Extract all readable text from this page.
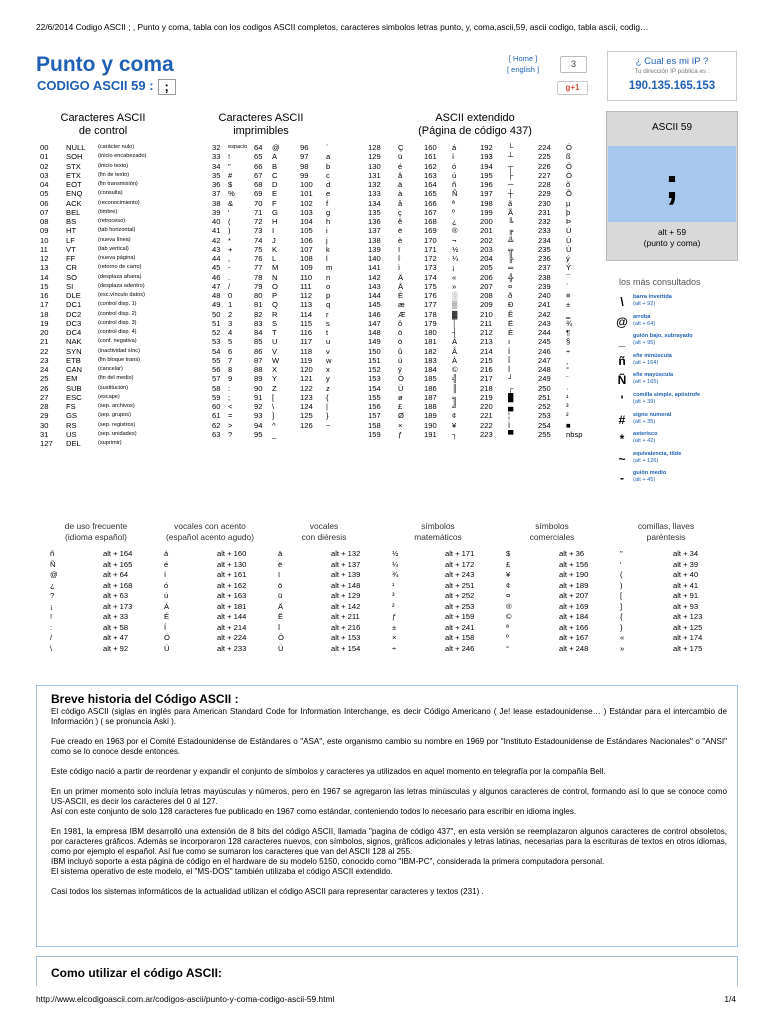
22/6/2014 Codigo ASCII ; , Punto y coma, tabla con los codigos ASCII completos, caracteres simbolos letras punto, y, coma,ascii,59, ascii codigo, tabla ascii, codig…
Punto y coma
CODIGO ASCII 59 : ;
[ Home ]
[ english ]
3
g+1
¿ Cual es mi IP ?
Tu dirección IP pública es :
190.135.165.153
Caracteres ASCII
de control
Caracteres ASCII
imprimibles
ASCII extendido
(Página de código 437)
00 NULL (carácter nulo)
01 SOH	(inicio encabezado)
02 STX	(inicio texto)
03 ETX	(fin de texto)
04 EOT	(fin transmisión)
05 ENQ	(consulta)
06 ACK	(reconocimiento)
07 BEL	(timbre)
08 BS	(retroceso)
09 HT	(tab horizontal)
10 LF	(nueva línea)
11 VT	(tab vertical)
12 FF	(nueva página)
13 CR	(retorno de carro)
14 SO	(desplaza afuera)
15 SI	(desplaza adentro)
16 DLE	(esc.vínculo datos)
17 DC1	(control disp. 1)
18 DC2	(control disp. 2)
19 DC3	(control disp. 3)
20 DC4	(control disp. 4)
21 NAK	(conf. negativa)
22 SYN	(inactividad sínc)
23 ETB	(fin bloque trans)
24 CAN	(cancelar)
25 EM	(fin del medio)
26 SUB	(sustitución)
27 ESC	(escape)
28 FS	(sep. archivos)
29 GS	(sep. grupos)
30 RS	(sep. registros)
31 US	(sep. unidades)
127 DEL	(suprimir)
32 espacio 64 @	96 `
33 !	65 A	97 a
34 "	66 B	98 b
35 #	67 C	99 c
36 $	68 D	100 d
37 %	69 E	101 e
38 &	70 F	102 f
39 '	71 G	103 g
40 (	72 H	104 h
41 )	73 I	105 i
42 *	74 J	106 j
43 +	75 K	107 k
44 ,	76 L	108 l
45 -	77 M	109 m
46 .	78 N	110 n
47 /	79 O	111 o
48 0	80 P	112 p
49 1	81 Q	113 q
50 2	82 R	114 r
51 3	83 S	115 s
52 4	84 T	116 t
53 5	85 U	117 u
54 6	86 V	118 v
55 7	87 W	119 w
56 8	88 X	120 x
57 9	89 Y	121 y
58 :	90 Z	122 z
59 ;	91 [	123 {
60 <	92 \	124 |
61 =	93 ]	125 }
62 >	94 ^	126 ~
63 ?	95 _
128 Ç	160 á	192 └	224 Ó
129 ü	161 í	193 ┴	225 ß
130 é	162 ó	194 ┬	226 Ô
131 â	163 ú	195 ├	227 Ò
132 ä	164 ñ	196 ─	228 õ
133 à	165 Ñ	197 ┼	229 Õ
134 å	166 ª	198 ã	230 µ
135 ç	167 º	199 Ã	231 þ
136 ê	168 ¿	200 ╚	232 Þ
137 ë	169 ®	201 ╔	233 Ú
138 è	170 ¬	202 ╩	234 Û
139 ï	171 ½	203 ╦	235 Ù
140 î	172 ¼	204 ╠	236 ý
141 ì	173 ¡	205 ═	237 Ý
142 Ä	174 «	206 ╬	238 ¯
143 Å	175 »	207 ¤	239 ´
144 É	176 ░	208 ð	240 ≡
145 æ	177 ▒	209 Ð	241 ±
146 Æ 178 ▓	210 Ê	242 ‗
147 ô	179 │	211 Ë	243 ¾
148 ö	180 ┤	212 È	244 ¶
149 ò	181 Á	213 ı	245 §
150 û	182 Â	214 Í	246 ÷
151 ù	183 À	215 Î	247 ¸
152 ÿ	184 ©	216 Ï	248 °
153 Ö	185 ╣	217 ┘	249 ¨
154 Ü	186 ║	218 ┌	250 ·
155 ø	187 ╗	219 █	251 ¹
156 £	188 ╝	220 ▄	252 ³
157 Ø	189 ¢	221 ¦	253 ²
158 ×	190 ¥	222 Ì	254 ■
159 ƒ	191 ┐	223 ▀	255 nbsp
ASCII 59
;
alt + 59
(punto y coma)
los más consultados
\	barra invertida
(alt + 92)
@ arroba
(alt + 64)
_	guión bajo, subrayado
(alt + 95)
ñ	eñe minúscula
(alt + 164)
Ñ eñe mayúscula
(alt + 165)
'	comilla simple, apóstrofe
(alt + 39)
#	signo numeral
(alt + 35)
*	asterisco
(alt + 42)
~	equivalencia, tilde
(alt + 126)
-	guión medio
(alt + 45)
de uso frecuente
(idioma español)
ñ	alt + 164
Ñ	alt + 165
@	alt + 64
¿	alt + 168
?	alt + 63
¡	alt + 173
!	alt + 33
:	alt + 58
/	alt + 47
\	alt + 92
vocales con acento
(español acento agudo)
á	alt + 160
é	alt + 130
í	alt + 161
ó	alt + 162
ú	alt + 163
Á	alt + 181
É	alt + 144
Í	alt + 214
Ó	alt + 224
Ú	alt + 233
vocales
con diéresis
ä	alt + 132
ë	alt + 137
ï	alt + 139
ö	alt + 148
ü	alt + 129
Ä	alt + 142
Ë	alt + 211
Ï	alt + 216
Ö	alt + 153
Ü	alt + 154
símbolos
matemáticos
½	alt + 171
¼	alt + 172
¾	alt + 243
¹	alt + 251
³	alt + 252
²	alt + 253
ƒ	alt + 159
±	alt + 241
×	alt + 158
÷	alt + 246
símbolos
comerciales
$	alt + 36
£	alt + 156
¥	alt + 190
¢	alt + 189
¤	alt + 207
®	alt + 169
©	alt + 184
ª	alt + 166
º	alt + 167
°	alt + 248
comillas, llaves
paréntesis
"	alt + 34
'	alt + 39
(	alt + 40
)	alt + 41
[	alt + 91
]	alt + 93
{	alt + 123
}	alt + 125
«	alt + 174
»	alt + 175
Breve historia del Código ASCII :

El código ASCII (siglas en inglés para American Standard Code for Information Interchange, es decir Código Americano ( Je! lease estadounidense… ) Estándar para el intercambio de Información ) ( se pronuncia Aski ).

Fue creado en 1963 por el Comité Estadounidense de Estándares o "ASA", este organismo cambio su nombre en 1969 por "Instituto Estadounidense de Estándares Nacionales" o "ANSI" como se lo conoce desde entonces.

Este código nació a partir de reordenar y expandir el conjunto de símbolos y caracteres ya utilizados en aquel momento en telegrafía por la compañía Bell.

En un primer momento solo incluía letras mayúsculas y números, pero en 1967 se agregaron las letras minúsculas y algunos caracteres de control, formando así lo que se conoce como US-ASCII, es decir los caracteres del 0 al 127.
Así con este conjunto de solo 128 caracteres fue publicado en 1967 como estándar, conteniendo todos lo necesario para escribir en idioma ingles.

En 1981, la empresa IBM desarrolló una extensión de 8 bits del código ASCII, llamada "pagina de código 437", en esta versión se reemplazaron algunos caracteres de control obsoletos, por caracteres gráficos. Además se incorporaron 128 caracteres nuevos, con símbolos, signos, gráficos adicionales y letras latinas, necesarias para la escrituras de textos en otros idiomas, como por ejemplo el español. Así fue como se sumaron los caracteres que van del ASCII 128 al 255.
IBM incluyó soporte a esta página de código en el hardware de su modelo 5150, conocido como "IBM-PC", considerada la primera computadora personal.
El sistema operativo de este modelo, el "MS-DOS" también utilizaba el código ASCII extendido.

Casi todos los sistemas informáticos de la actualidad utilizan el código ASCII para representar caracteres y textos (231) .

Como utilizar el código ASCII:
http://www.elcodigoascii.com.ar/codigos-ascii/punto-y-coma-codigo-ascii-59.html	1/4
